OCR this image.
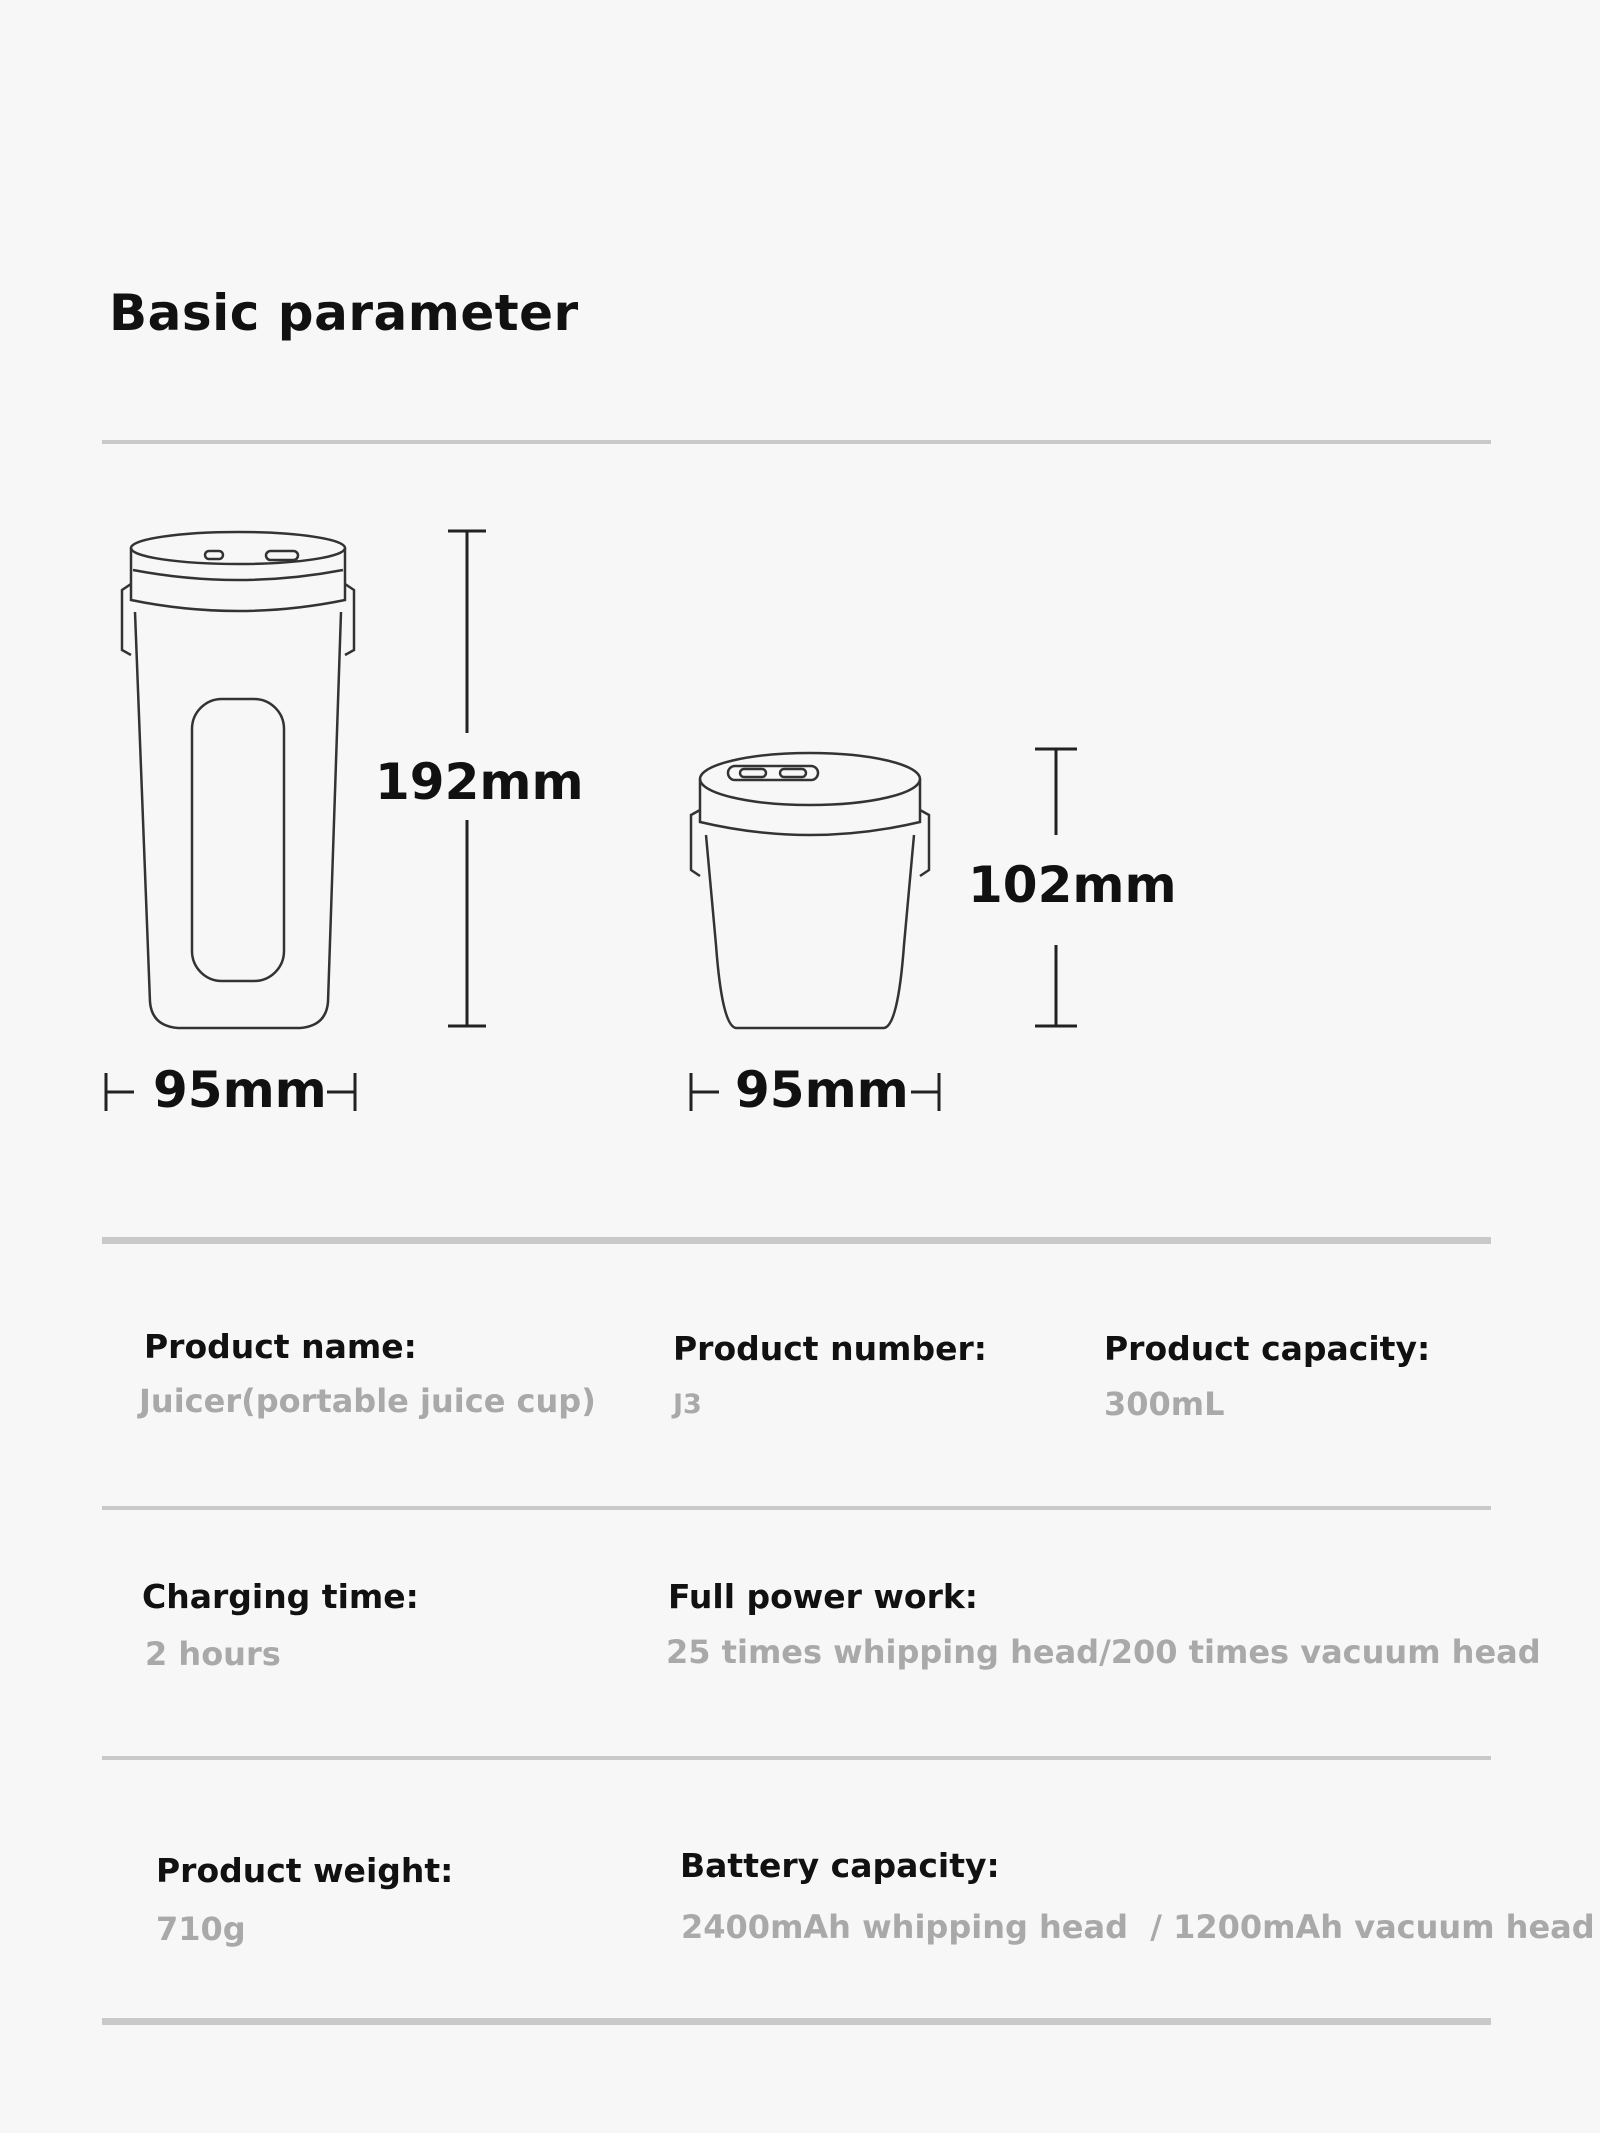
Basic parameter
192mm
95mm
102mm
95mm
Product name:
Juicer(portable juice cup)
Product number:
J3
Product capacity:
300mL
Charging time:
2 hours
Full power work:
25 times whipping head/200 times vacuum head
Product weight:
710g
Battery capacity:
2400mAh whipping head  / 1200mAh vacuum head
